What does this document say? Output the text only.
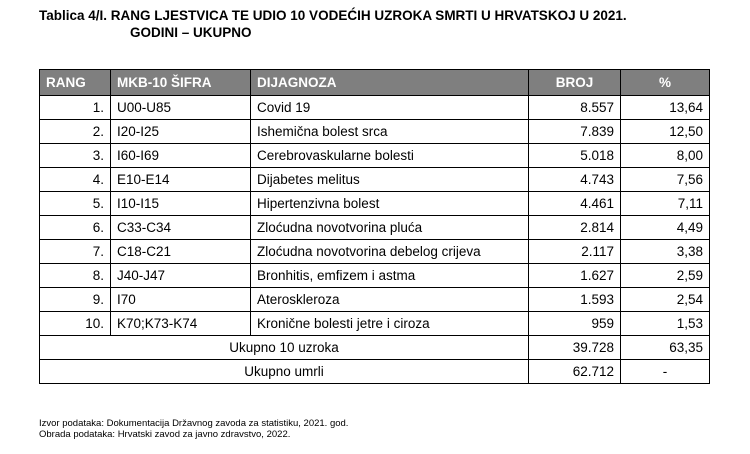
Tablica 4/I. RANG LJESTVICA TE UDIO 10 VODEĆIH UZROKA SMRTI U HRVATSKOJ U 2021.
GODINI – UKUPNO
RANG	MKB-10 ŠIFRA	DIJAGNOZA	BROJ	%
1.	U00-U85	Covid 19	8.557	13,64
2.	I20-I25	Ishemična bolest srca	7.839	12,50
3.	I60-I69	Cerebrovaskularne bolesti	5.018	8,00
4.	E10-E14	Dijabetes melitus	4.743	7,56
5.	I10-I15	Hipertenzivna bolest	4.461	7,11
6.	C33-C34	Zloćudna novotvorina pluća	2.814	4,49
7.	C18-C21	Zloćudna novotvorina debelog crijeva	2.117	3,38
8.	J40-J47	Bronhitis, emfizem i astma	1.627	2,59
9.	I70	Ateroskleroza	1.593	2,54
10.	K70;K73-K74	Kronične bolesti jetre i ciroza	959	1,53
Ukupno 10 uzroka			39.728	63,35
Ukupno umrli			62.712	-
Izvor podataka: Dokumentacija Državnog zavoda za statistiku, 2021. god.
Obrada podataka: Hrvatski zavod za javno zdravstvo, 2022.
